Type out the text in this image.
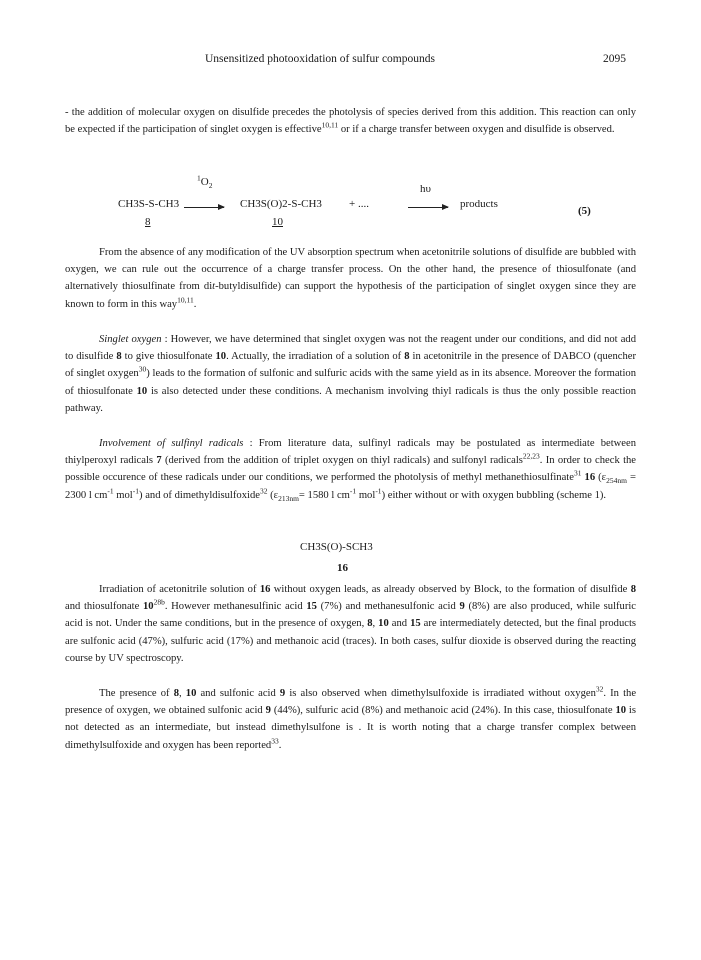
Unsensitized photooxidation of sulfur compounds	2095
- the addition of molecular oxygen on disulfide precedes the photolysis of species derived from this addition. This reaction can only be expected if the participation of singlet oxygen is effective$^{10,11}$ or if a charge transfer between oxygen and disulfide is observed.
$^1O_2$
CH3S-S-CH3
8
→ CH3S(O)2-S-CH3
10
+ ....
hυ
→ products
(5)
From the absence of any modification of the UV absorption spectrum when acetonitrile solutions of disulfide are bubbled with oxygen, we can rule out the occurrence of a charge transfer process. On the other hand, the presence of thiosulfonate (and alternatively thiosulfinate from dit-butyldisulfide) can support the hypothesis of the participation of singlet oxygen since they are known to form in this way$^{10,11}$.
Singlet oxygen : However, we have determined that singlet oxygen was not the reagent under our conditions, and did not add to disulfide 8 to give thiosulfonate 10. Actually, the irradiation of a solution of 8 in acetonitrile in the presence of DABCO (quencher of singlet oxygen$^{30}$) leads to the formation of sulfonic and sulfuric acids with the same yield as in its absence. Moreover the formation of thiosulfonate 10 is also detected under these conditions. A mechanism involving thiyl radicals is thus the only possible reaction pathway.
Involvement of sulfinyl radicals : From literature data, sulfinyl radicals may be postulated as intermediate between thiylperoxyl radicals 7 (derived from the addition of triplet oxygen on thiyl radicals) and sulfonyl radicals$^{22,23}$. In order to check the possible occurence of these radicals under our conditions, we performed the photolysis of methyl methanethiosulfinate$^{31}$ 16 ($\varepsilon_{254nm} = 2300$ l $cm^{-1}$ mol$^{-1}$) and of dimethyldisulfoxide$^{32}$ ($\varepsilon_{213nm}= 1580$ l $cm^{-1}$ mol$^{-1}$) either without or with oxygen bubbling (scheme 1).
CH3S(O)-SCH3
16
Irradiation of acetonitrile solution of 16 without oxygen leads, as already observed by Block, to the formation of disulfide 8 and thiosulfonate $10^{28b}$. However methanesulfinic acid 15 (7%) and methanesulfonic acid 9 (8%) are also produced, while sulfuric acid is not. Under the same conditions, but in the presence of oxygen, 8, 10 and 15 are intermediately detected, but the final products are sulfonic acid (47%), sulfuric acid (17%) and methanoic acid (traces). In both cases, sulfur dioxide is observed during the reacting course by UV spectroscopy.
The presence of 8, 10 and sulfonic acid 9 is also observed when dimethylsulfoxide is irradiated without oxygen$^{32}$. In the presence of oxygen, we obtained sulfonic acid 9 (44%), sulfuric acid (8%) and methanoic acid (24%). In this case, thiosulfonate 10 is not detected as an intermediate, but instead dimethylsulfone is . It is worth noting that a charge transfer complex between dimethylsulfoxide and oxygen has been reported$^{33}$.
